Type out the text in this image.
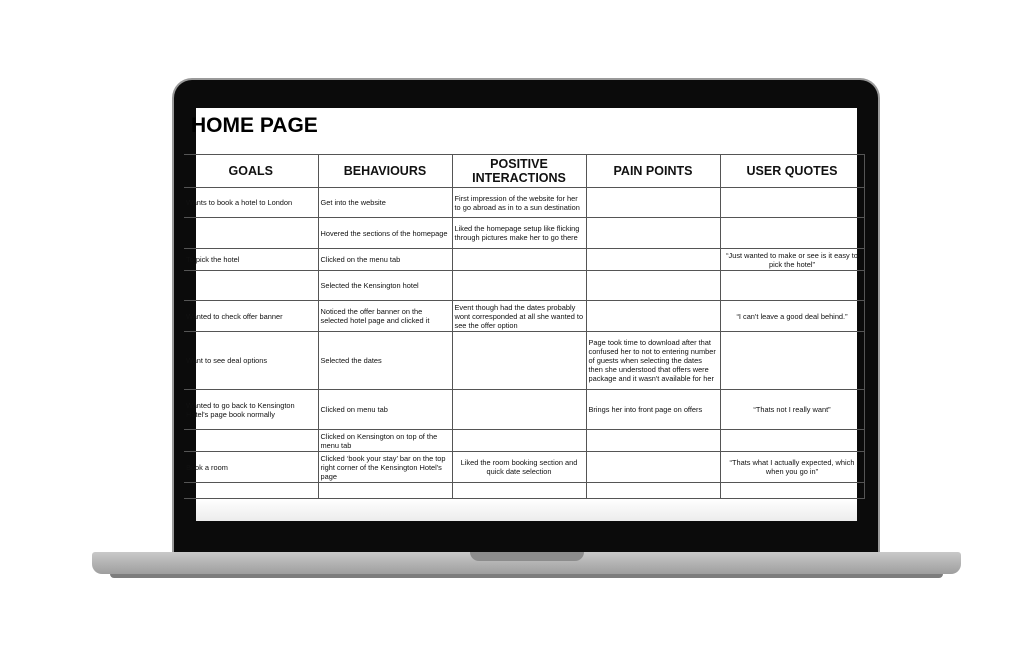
HOME PAGE
GOALS	BEHAVIOURS	POSITIVE INTERACTIONS	PAIN POINTS	USER QUOTES
Wants to book a hotel to London	Get into the website	First impression of the website for her to go abroad as in to a sun destination		
	Hovered the sections of the homepage	Liked the homepage setup like flicking through pictures make her to go there		
To pick the hotel	Clicked on the menu tab			“Just wanted to make or see is it easy to pick the hotel”
	Selected the Kensington hotel			
Wanted to check offer banner	Noticed the offer banner on the selected hotel page and clicked it	Event though had the dates probably wont corresponded at all she wanted to see the offer option		“I can't leave a good deal behind.”
Want to see deal options	Selected the dates		Page took time to download after that confused her to not to entering number of guests when selecting the dates then she understood that offers were package and it wasn't available for her	
Wanted to go back to Kensington Hotel's page book normally	Clicked on menu tab		Brings her into front page on offers	“Thats not I really want”
	Clicked on Kensington on top of the menu tab			
Book a room	Clicked ‘book your stay’ bar on the top right corner of the Kensington Hotel's page	Liked the room booking section and quick date selection		“Thats what I actually expected, which when you go in”
